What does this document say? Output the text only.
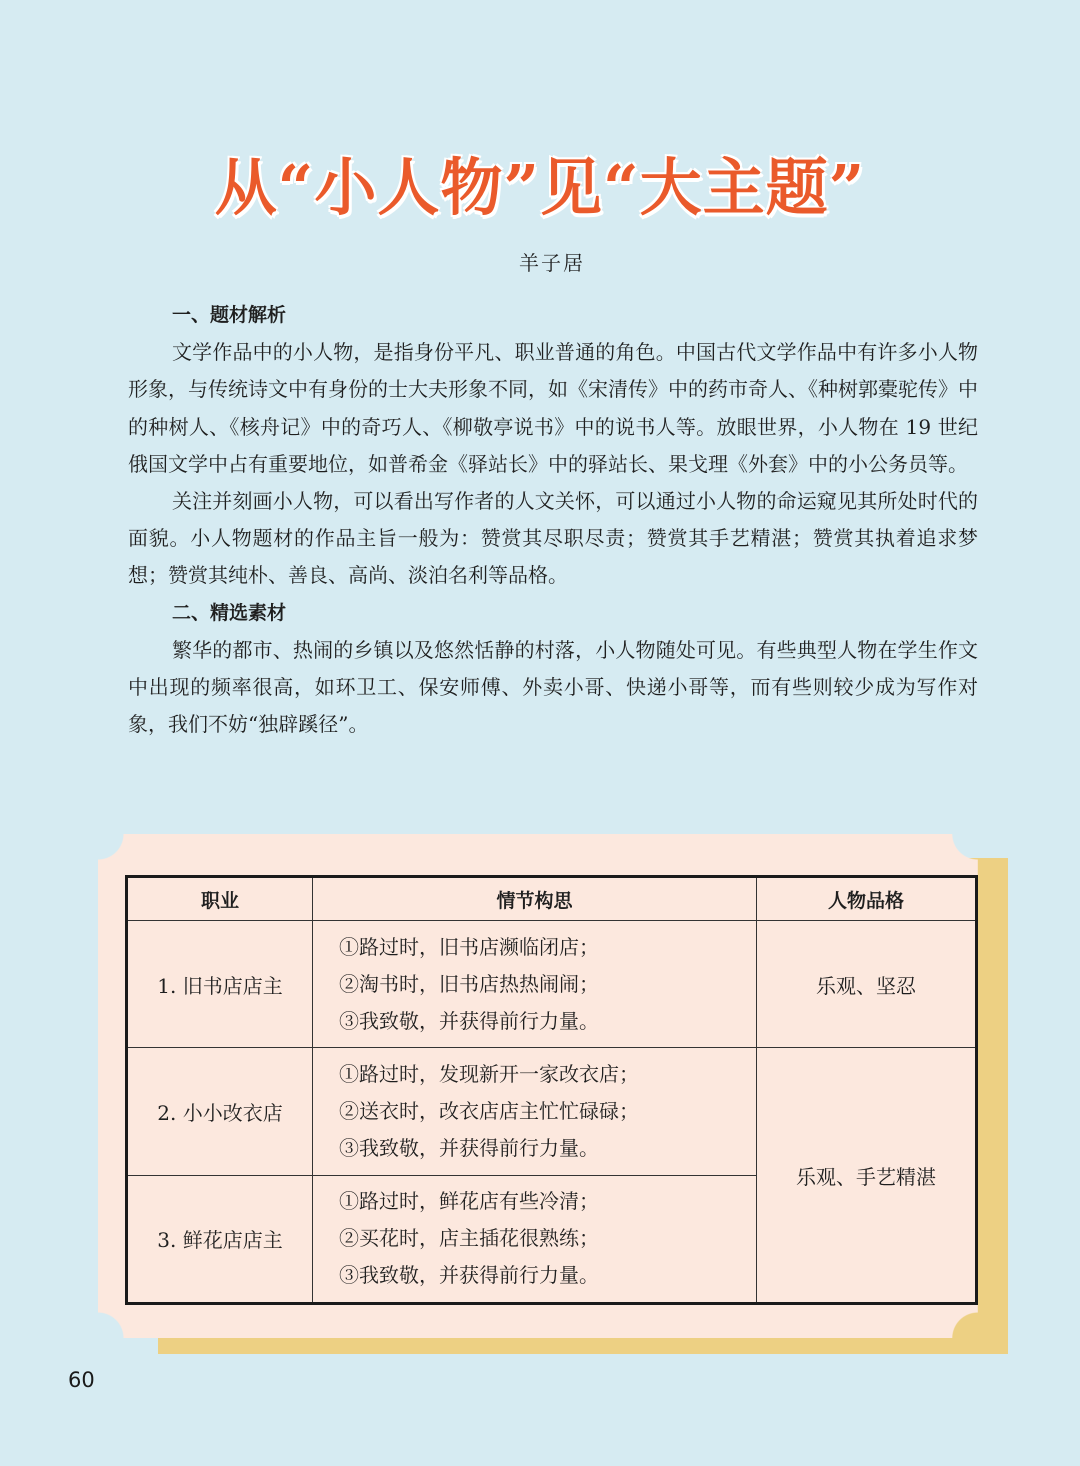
从“小人物”见“大主题”
羊子居
一、题材解析

文学作品中的小人物，是指身份平凡、职业普通的角色。中国古代文学作品中有许多小人物形象，与传统诗文中有身份的士大夫形象不同，如《宋清传》中的药市奇人、《种树郭橐驼传》中的种树人、《核舟记》中的奇巧人、《柳敬亭说书》中的说书人等。放眼世界，小人物在 19 世纪俄国文学中占有重要地位，如普希金《驿站长》中的驿站长、果戈理《外套》中的小公务员等。

关注并刻画小人物，可以看出写作者的人文关怀，可以通过小人物的命运窥见其所处时代的面貌。小人物题材的作品主旨一般为：赞赏其尽职尽责；赞赏其手艺精湛；赞赏其执着追求梦想；赞赏其纯朴、善良、高尚、淡泊名利等品格。

二、精选素材

繁华的都市、热闹的乡镇以及悠然恬静的村落，小人物随处可见。有些典型人物在学生作文中出现的频率很高，如环卫工、保安师傅、外卖小哥、快递小哥等，而有些则较少成为写作对象，我们不妨“独辟蹊径”。

职业	情节构思	人物品格
1. 旧书店店主	①路过时，旧书店濒临闭店；
②淘书时，旧书店热热闹闹；
③我致敬，并获得前行力量。	乐观、坚忍
2. 小小改衣店	①路过时，发现新开一家改衣店；
②送衣时，改衣店店主忙忙碌碌；
③我致敬，并获得前行力量。	乐观、手艺精湛
3. 鲜花店店主	①路过时，鲜花店有些冷清；
②买花时，店主插花很熟练；
③我致敬，并获得前行力量。	
60
